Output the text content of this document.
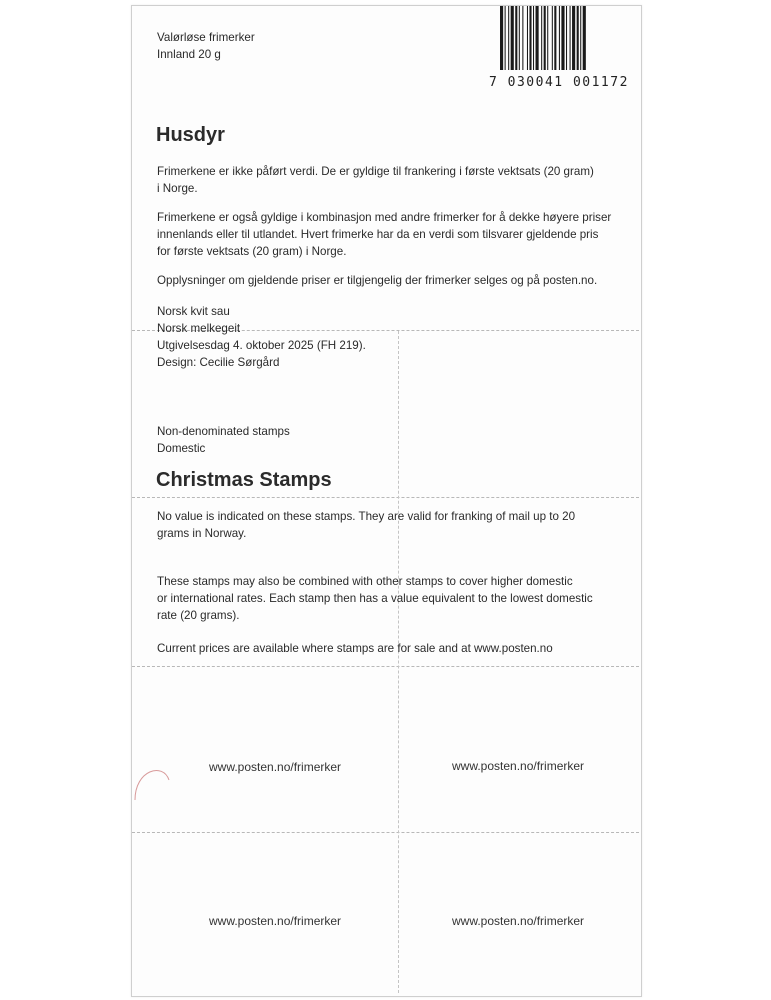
7 030041 001172
Valørløse frimerker
Innland 20 g
Husdyr
Frimerkene er ikke påført verdi. De er gyldige til frankering i første vektsats (20 gram)
i Norge.
Frimerkene er også gyldige i kombinasjon med andre frimerker for å dekke høyere priser
innenlands eller til utlandet. Hvert frimerke har da en verdi som tilsvarer gjeldende pris
for første vektsats (20 gram) i Norge.
Opplysninger om gjeldende priser er tilgjengelig der frimerker selges og på posten.no.
Norsk kvit sau
Norsk melkegeit
Utgivelsesdag 4. oktober 2025 (FH 219).
Design: Cecilie Sørgård
Non-denominated stamps
Domestic
Christmas Stamps
No value is indicated on these stamps. They are valid for franking of mail up to 20
grams in Norway.
These stamps may also be combined with other stamps to cover higher domestic
or international rates. Each stamp then has a value equivalent to the lowest domestic
rate (20 grams).
Current prices are available where stamps are for sale and at www.posten.no
www.posten.no/frimerker	www.posten.no/frimerker
www.posten.no/frimerker	www.posten.no/frimerker
